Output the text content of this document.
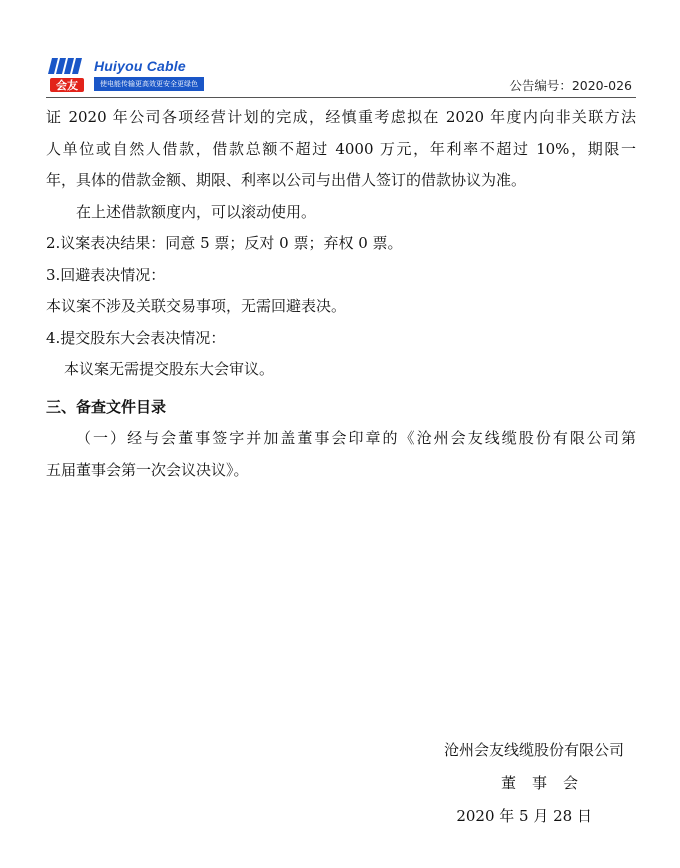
会友
Huiyou Cable
使电能传输更高效更安全更绿色	公告编号：2020-026
证 2020 年公司各项经营计划的完成，经慎重考虑拟在 2020 年度内向非关联方法
人单位或自然人借款，借款总额不超过 4000 万元，年利率不超过 10%，期限一
年，具体的借款金额、期限、利率以公司与出借人签订的借款协议为准。
在上述借款额度内，可以滚动使用。
2.议案表决结果：同意 5 票；反对 0 票；弃权 0 票。
3.回避表决情况：
本议案不涉及关联交易事项，无需回避表决。
4.提交股东大会表决情况：
本议案无需提交股东大会审议。
三、备查文件目录
（一）经与会董事签字并加盖董事会印章的《沧州会友线缆股份有限公司第
五届董事会第一次会议决议》。
沧州会友线缆股份有限公司
董事会
2020 年 5 月 28 日
